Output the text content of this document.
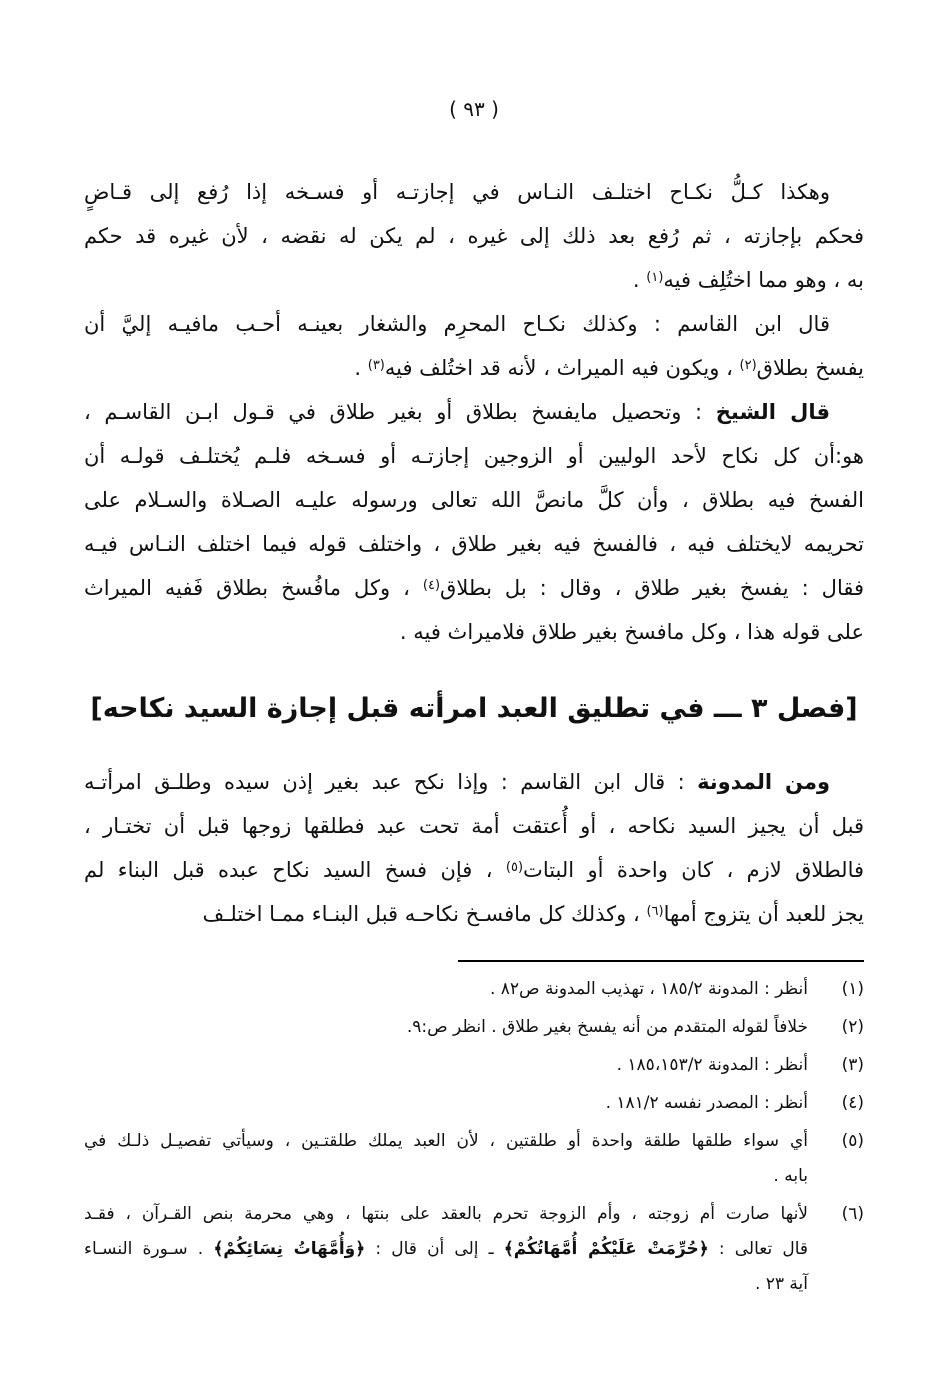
( ٩٣ )
وهكذا كـلُّ نكـاح اختلـف النـاس في إجازتـه أو فسـخه إذا رُفع إلى قـاضٍ
فحكم بإجازته ، ثم رُفع بعد ذلك إلى غيره ، لم يكن له نقضه ، لأن غيره قد حكم
به ، وهو مما اختُلِف فيه$^{(١)}$ .
قال ابن القاسم : وكذلك نكـاح المحرِم والشغار بعينـه أحـب مافيـه إليَّ أن
يفسخ بطلاق$^{(٢)}$ ، ويكون فيه الميراث ، لأنه قد اختُلف فيه$^{(٣)}$ .
قال الشيخ : وتحصيل مايفسخ بطلاق أو بغير طلاق في قـول ابـن القاسـم ،
هو:أن كل نكاح لأحد الوليين أو الزوجين إجازتـه أو فسـخه فلـم يُختلـف قولـه أن
الفسخ فيه بطلاق ، وأن كلَّ مانصَّ الله تعالى ورسوله عليـه الصـلاة والسـلام على
تحريمه لايختلف فيه ، فالفسخ فيه بغير طلاق ، واختلف قوله فيما اختلف النـاس فيـه
فقال : يفسخ بغير طلاق ، وقال : بل بطلاق$^{(٤)}$ ، وكل مافُسخ بطلاق فَفيه الميراث
على قوله هذا ، وكل مافسخ بغير طلاق فلاميراث فيه .
[فصل ٣ ـــ في تطليق العبد امرأته قبل إجازة السيد نكاحه]
ومن المدونة : قال ابن القاسم : وإذا نكح عبد بغير إذن سيده وطلـق امرأتـه
قبل أن يجيز السيد نكاحه ، أو أُعتقت أمة تحت عبد فطلقها زوجها قبل أن تختـار ،
فالطلاق لازم ، كان واحدة أو البتات$^{(٥)}$ ، فإن فسخ السيد نكاح عبده قبل البناء لم
يجز للعبد أن يتزوج أمها$^{(٦)}$ ، وكذلك كل مافسـخ نكاحـه قبل البنـاء ممـا اختلـف
(١)
أنظر : المدونة ١٨٥/٢ ، تهذيب المدونة ص٨٢ .
(٢)
خلافاً لقوله المتقدم من أنه يفسخ بغير طلاق . انظر ص:٩.
(٣)
أنظر : المدونة ١٨٥،١٥٣/٢ .
(٤)
أنظر : المصدر نفسه ١٨١/٢ .
(٥)
أي سواء طلقها طلقة واحدة أو طلقتين ، لأن العبد يملك طلقتـين ، وسيأتي تفصيـل ذلـك في
بابه .
(٦)
لأنها صارت أم زوجته ، وأم الزوجة تحرم بالعقد على بنتها ، وهي محرمة بنص القـرآن ، فقـد
قال تعالى : ﴿حُرِّمَتْ عَلَيْكُمْ أُمَّهَاتُكُمْ﴾ ـ إلى أن قال : ﴿وَأُمَّهَاتُ نِسَائِكُمْ﴾ . سـورة النسـاء
آية ٢٣ .
